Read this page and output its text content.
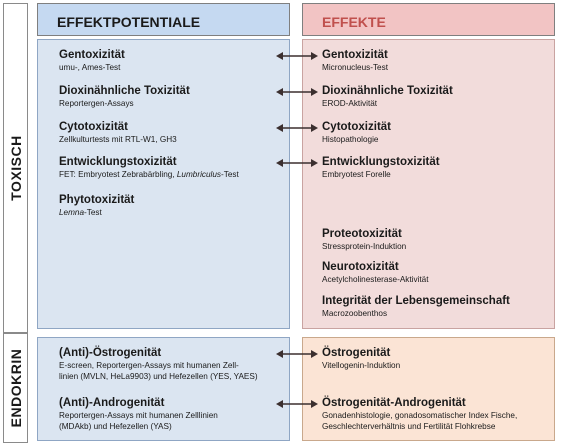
TOXISCH
ENDOKRIN
EFFEKTPOTENTIALE	EFFEKTE
Gentoxizität
umu-, Ames-Test
Dioxinähnliche Toxizität
Reportergen-Assays
Cytotoxizität
Zellkulturtests mit RTL-W1, GH3
Entwicklungstoxizität
FET: Embryotest Zebrabärbling, Lumbriculus-Test
Phytotoxizität
Lemna-Test
Gentoxizität
Micronucleus-Test
Dioxinähnliche Toxizität
EROD-Aktivität
Cytotoxizität
Histopathologie
Entwicklungstoxizität
Embryotest Forelle
Proteotoxizität
Stressprotein-Induktion
Neurotoxizität
Acetylcholinesterase-Aktivität
Integrität der Lebensgemeinschaft
Macrozoobenthos
(Anti)-Östrogenität
E-screen, Reportergen-Assays mit humanen Zell-
linien (MVLN, HeLa9903) und Hefezellen (YES, YAES)
(Anti)-Androgenität
Reportergen-Assays mit humanen Zelllinien
(MDAkb) und Hefezellen (YAS)
Östrogenität
Vitellogenin-Induktion
Östrogenität-Androgenität
Gonadenhistologie, gonadosomatischer Index Fische,
Geschlechterverhältnis und Fertilität Flohkrebse
